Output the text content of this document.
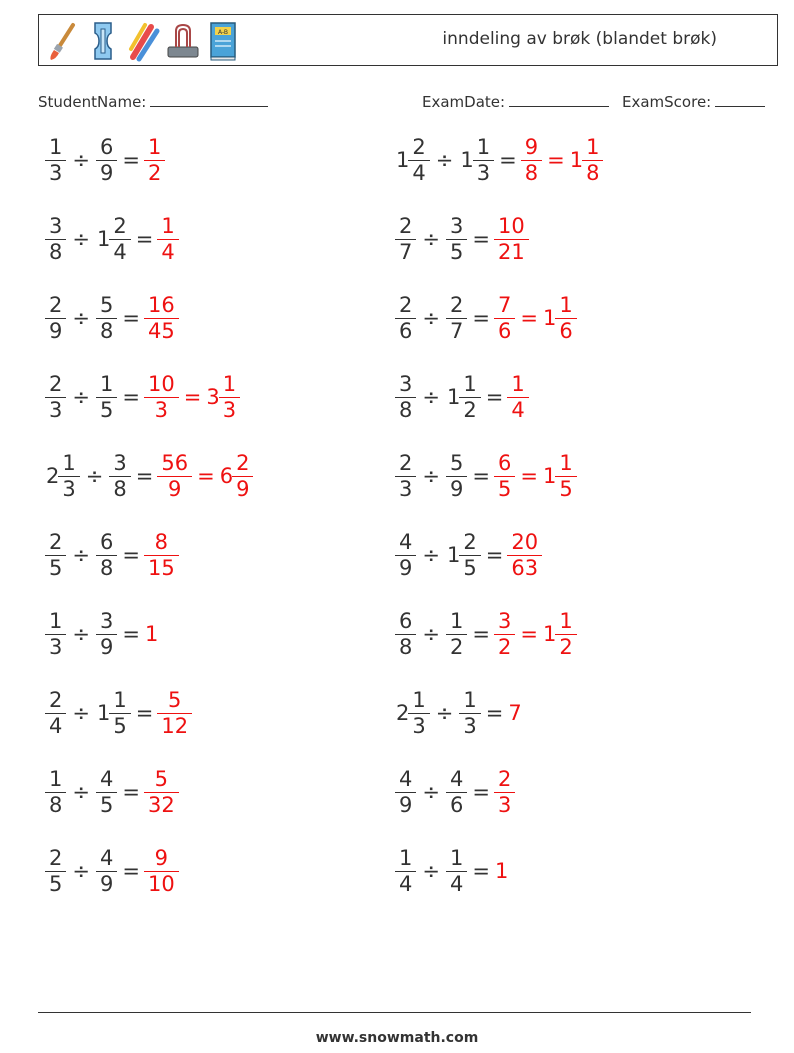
A-B	inndeling av brøk (blandet brøk)
StudentName:	ExamDate:	ExamScore:
$\frac{1}{3} \div \frac{6}{9} = \frac{1}{2}$	$1 \frac{2}{4} \div 1 \frac{1}{3} = \frac{9}{8} = 1 \frac{1}{8}$
$\frac{3}{8} \div 1 \frac{2}{4} = \frac{1}{4}$	$\frac{2}{7} \div \frac{3}{5} = \frac{10}{21}$
$\frac{2}{9} \div \frac{5}{8} = \frac{16}{45}$	$\frac{2}{6} \div \frac{2}{7} = \frac{7}{6} = 1 \frac{1}{6}$
$\frac{2}{3} \div \frac{1}{5} = \frac{10}{3} = 3 \frac{1}{3}$	$\frac{3}{8} \div 1 \frac{1}{2} = \frac{1}{4}$
$2 \frac{1}{3} \div \frac{3}{8} = \frac{56}{9} = 6 \frac{2}{9}$	$\frac{2}{3} \div \frac{5}{9} = \frac{6}{5} = 1 \frac{1}{5}$
$\frac{2}{5} \div \frac{6}{8} = \frac{8}{15}$	$\frac{4}{9} \div 1 \frac{2}{5} = \frac{20}{63}$
$\frac{1}{3} \div \frac{3}{9} = 1$	$\frac{6}{8} \div \frac{1}{2} = \frac{3}{2} = 1 \frac{1}{2}$
$\frac{2}{4} \div 1 \frac{1}{5} = \frac{5}{12}$	$2 \frac{1}{3} \div \frac{1}{3} = 7$
$\frac{1}{8} \div \frac{4}{5} = \frac{5}{32}$	$\frac{4}{9} \div \frac{4}{6} = \frac{2}{3}$
$\frac{2}{5} \div \frac{4}{9} = \frac{9}{10}$	$\frac{1}{4} \div \frac{1}{4} = 1$
www.snowmath.com
